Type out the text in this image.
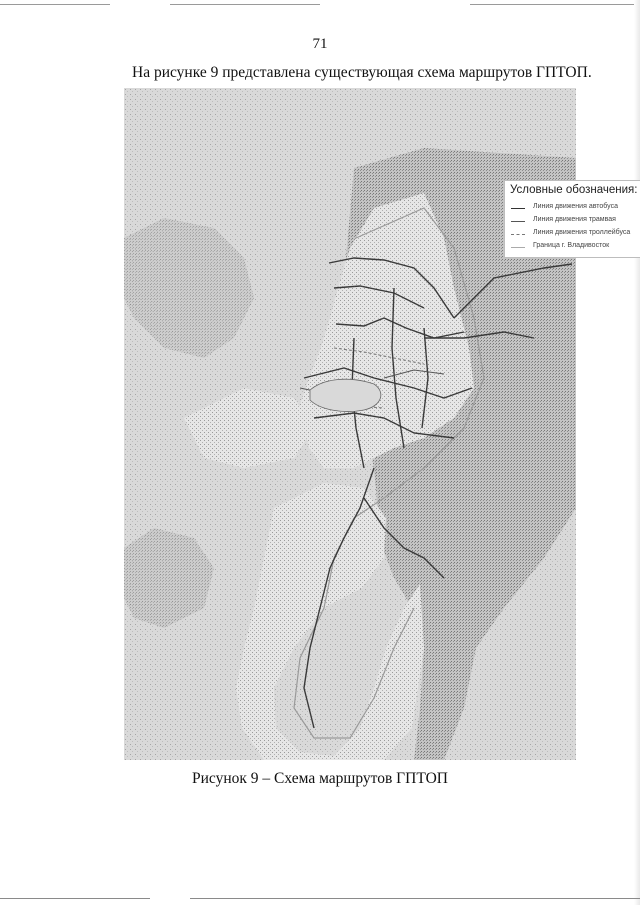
71
На рисунке 9 представлена существующая схема маршрутов ГПТОП.
Условные обозначения:
Линия движения автобуса
Линия движения трамвая
Линия движения троллейбуса
Граница г. Владивосток
Рисунок 9 – Схема маршрутов ГПТОП
